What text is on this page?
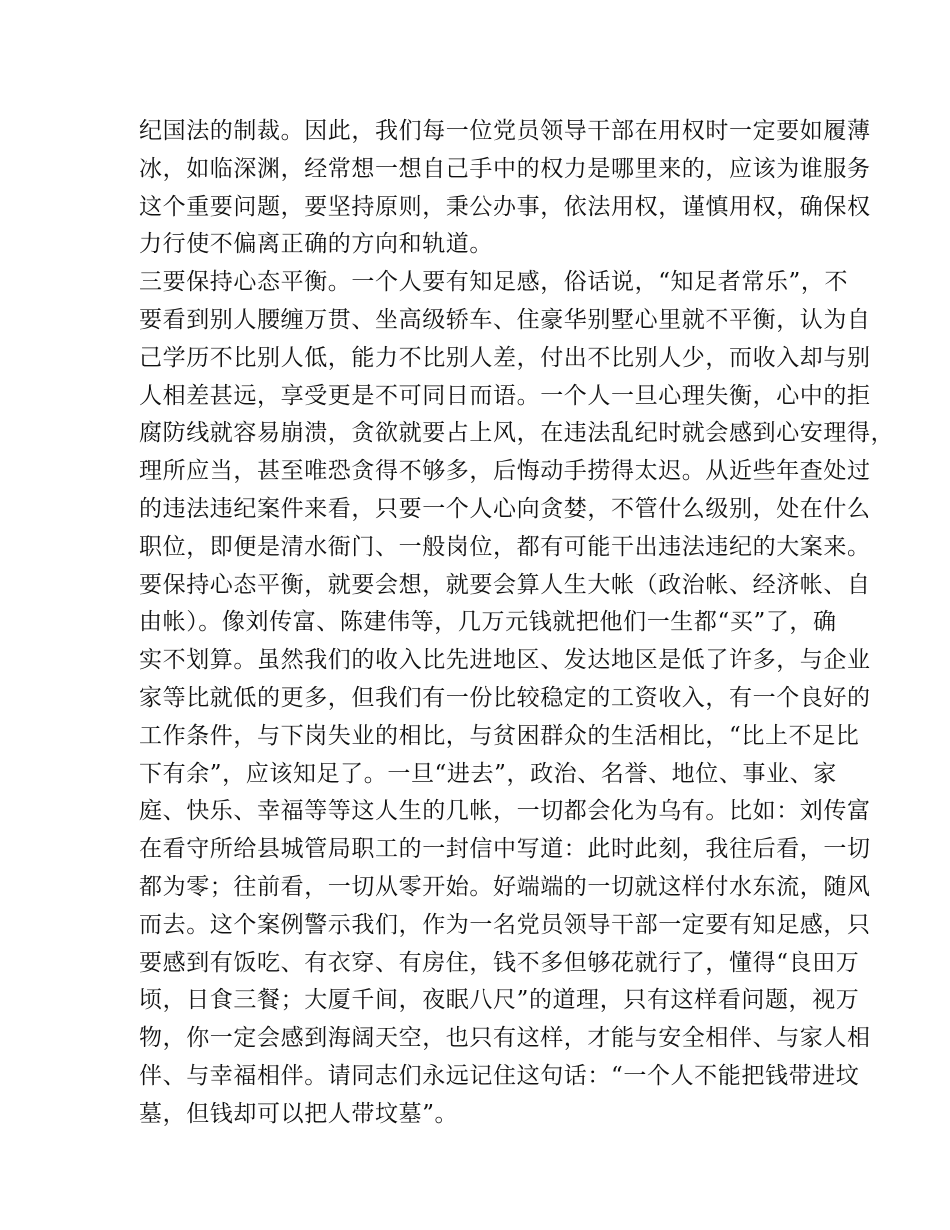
纪国法的制裁。因此，我们每一位党员领导干部在用权时一定要如履薄
冰，如临深渊，经常想一想自己手中的权力是哪里来的，应该为谁服务
这个重要问题，要坚持原则，秉公办事，依法用权，谨慎用权，确保权
力行使不偏离正确的方向和轨道。
三要保持心态平衡。一个人要有知足感，俗话说，“知足者常乐”，不
要看到别人腰缠万贯、坐高级轿车、住豪华别墅心里就不平衡，认为自
己学历不比别人低，能力不比别人差，付出不比别人少，而收入却与别
人相差甚远，享受更是不可同日而语。一个人一旦心理失衡，心中的拒
腐防线就容易崩溃，贪欲就要占上风，在违法乱纪时就会感到心安理得，
理所应当，甚至唯恐贪得不够多，后悔动手捞得太迟。从近些年查处过
的违法违纪案件来看，只要一个人心向贪婪，不管什么级别，处在什么
职位，即便是清水衙门、一般岗位，都有可能干出违法违纪的大案来。
要保持心态平衡，就要会想，就要会算人生大帐（政治帐、经济帐、自
由帐）。像刘传富、陈建伟等，几万元钱就把他们一生都“买”了，确
实不划算。虽然我们的收入比先进地区、发达地区是低了许多，与企业
家等比就低的更多，但我们有一份比较稳定的工资收入，有一个良好的
工作条件，与下岗失业的相比，与贫困群众的生活相比，“比上不足比
下有余”，应该知足了。一旦“进去”，政治、名誉、地位、事业、家
庭、快乐、幸福等等这人生的几帐，一切都会化为乌有。比如：刘传富
在看守所给县城管局职工的一封信中写道：此时此刻，我往后看，一切
都为零；往前看，一切从零开始。好端端的一切就这样付水东流，随风
而去。这个案例警示我们，作为一名党员领导干部一定要有知足感，只
要感到有饭吃、有衣穿、有房住，钱不多但够花就行了，懂得“良田万
顷，日食三餐；大厦千间，夜眠八尺”的道理，只有这样看问题，视万
物，你一定会感到海阔天空，也只有这样，才能与安全相伴、与家人相
伴、与幸福相伴。请同志们永远记住这句话：“一个人不能把钱带进坟
墓，但钱却可以把人带坟墓”。
